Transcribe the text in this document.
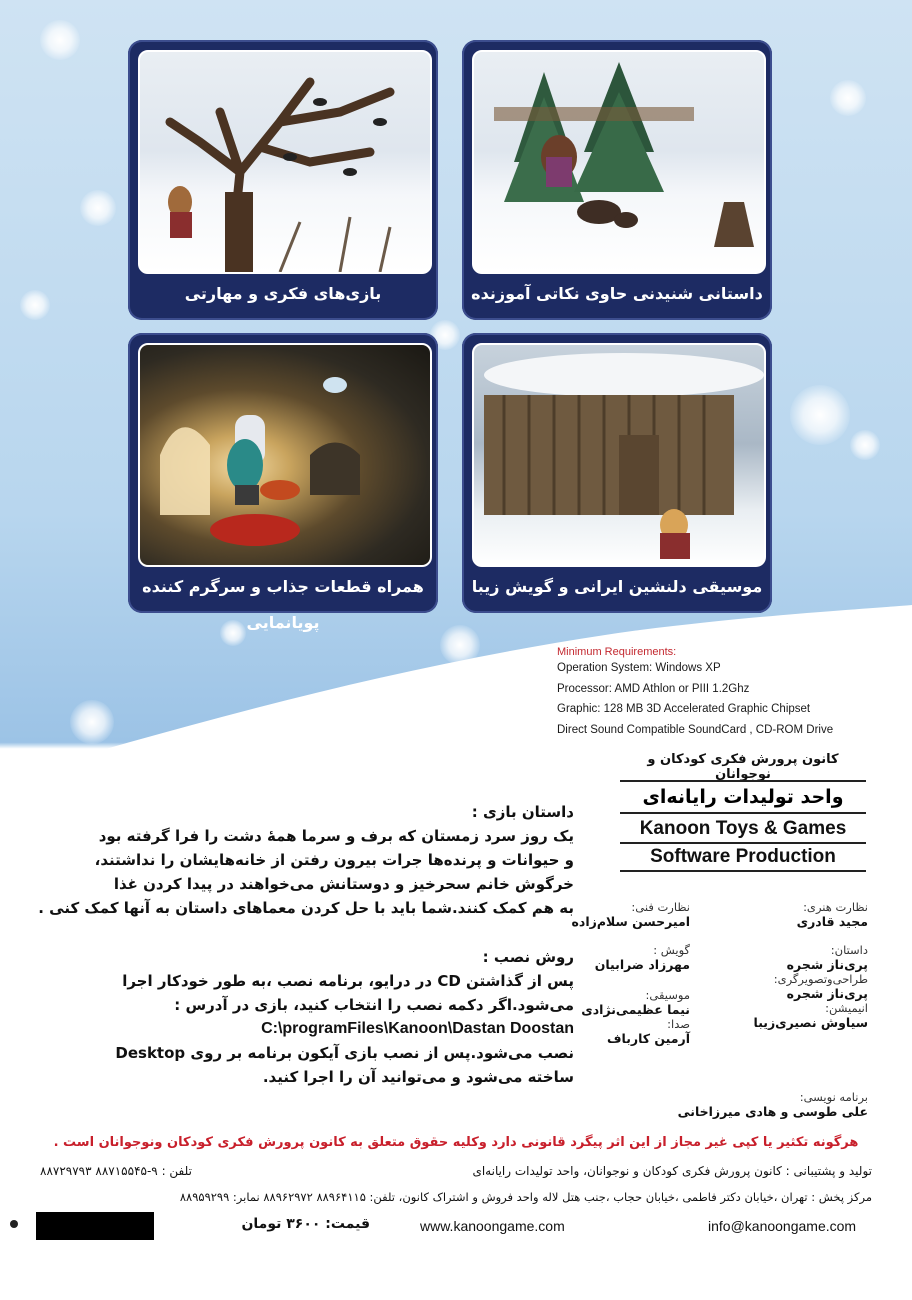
داستانی شنیدنی حاوی نکاتی آموزنده
بازی‌های فکری و مهارتی
موسیقی دلنشین ایرانی و گویش زیبا
همراه قطعات جذاب و سرگرم کننده پویانمایی
Minimum Requirements:
Operation System: Windows XP
Processor: AMD Athlon or PIII 1.2Ghz
Graphic: 128 MB 3D Accelerated Graphic Chipset
Direct Sound Compatible SoundCard , CD-ROM Drive
کانون پرورش فکری کودکان و نوجوانان
واحد تولیدات رایانه‌ای
Kanoon Toys & Games
Software Production

داستان بازی :

یک روز سرد زمستان که برف و سرما همهٔ دشت را فرا گرفته بود

و حیوانات و پرنده‌ها جرات بیرون رفتن از خانه‌هایشان را نداشتند،

خرگوش خانم سحرخیز و دوستانش می‌خواهند در پیدا کردن غذا

به هم کمک کنند.شما باید با حل کردن معماهای داستان به آنها کمک کنی .

روش نصب :

پس از گذاشتن CD در درایو، برنامه نصب ،به طور خودکار اجرا

می‌شود.اگر دکمه نصب را انتخاب کنید، بازی در آدرس :

C:\programFiles\Kanoon\Dastan Doostan

نصب می‌شود.پس از نصب بازی آیکون برنامه بر روی Desktop

ساخته می‌شود و می‌توانید آن را اجرا کنید.

نظارت هنری:
مجید قادری
داستان:
پری‌ناز شجره
طراحی‌وتصویرگری:
پری‌ناز شجره
انیمیشن:
سیاوش نصیری‌زیبا
نظارت فنی:
امیرحسن سلام‌زاده
گویش :
مهرزاد ضرابیان
موسیقی:
نیما عظیمی‌نژادی
صدا:
آرمین کارباف
برنامه نویسی:
علی طوسی و هادی میرزاخانی
هرگونه تکثیر یا کپی غیر مجاز از این اثر پیگرد قانونی دارد وکلیه حقوق متعلق به کانون پرورش فکری کودکان ونوجوانان است .
تولید و پشتیبانی : کانون پرورش فکری کودکان و نوجوانان، واحد تولیدات رایانه‌ای
تلفن : ۹-۸۸۷۱۵۵۴۵ ۸۸۷۲۹۷۹۳
مرکز پخش : تهران ،خیابان دکتر فاطمی ،خیابان حجاب ،جنب هتل لاله واحد فروش و اشتراک کانون، تلفن: ۸۸۹۶۴۱۱۵ ۸۸۹۶۲۹۷۲ نمابر: ۸۸۹۵۹۲۹۹
قیمت: ۳۶۰۰ تومان	www.kanoongame.com	info@kanoongame.com
